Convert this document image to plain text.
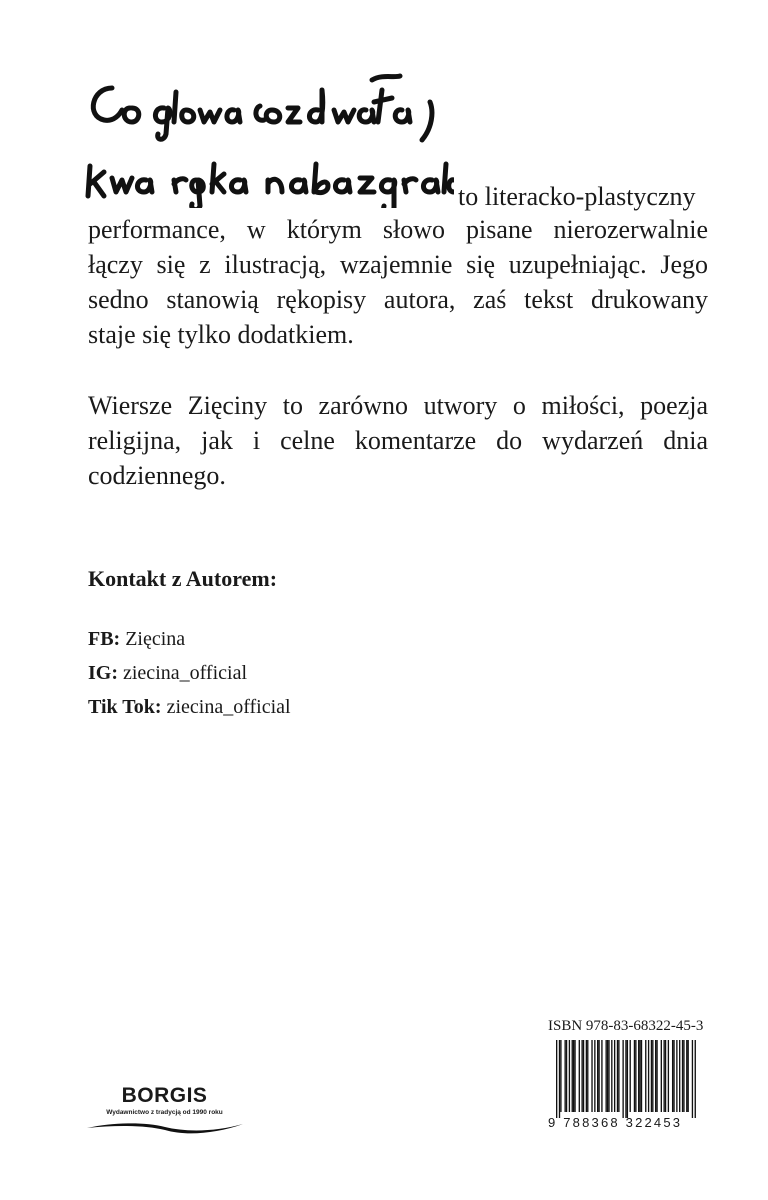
to literacko-plastyczny
performance, w którym słowo pisane nierozerwalnie
łączy się z ilustracją, wzajemnie się uzupełniając. Jego
sedno stanowią rękopisy autora, zaś tekst drukowany
staje się tylko dodatkiem.
Wiersze Zięciny to zarówno utwory o miłości, poezja
religijna, jak i celne komentarze do wydarzeń dnia
codziennego.
Kontakt z Autorem:
FB: Zięcina
IG: ziecina_official
Tik Tok: ziecina_official
BORGIS
Wydawnictwo z tradycją od 1990 roku
ISBN 978-83-68322-45-3
9 788368 322453
